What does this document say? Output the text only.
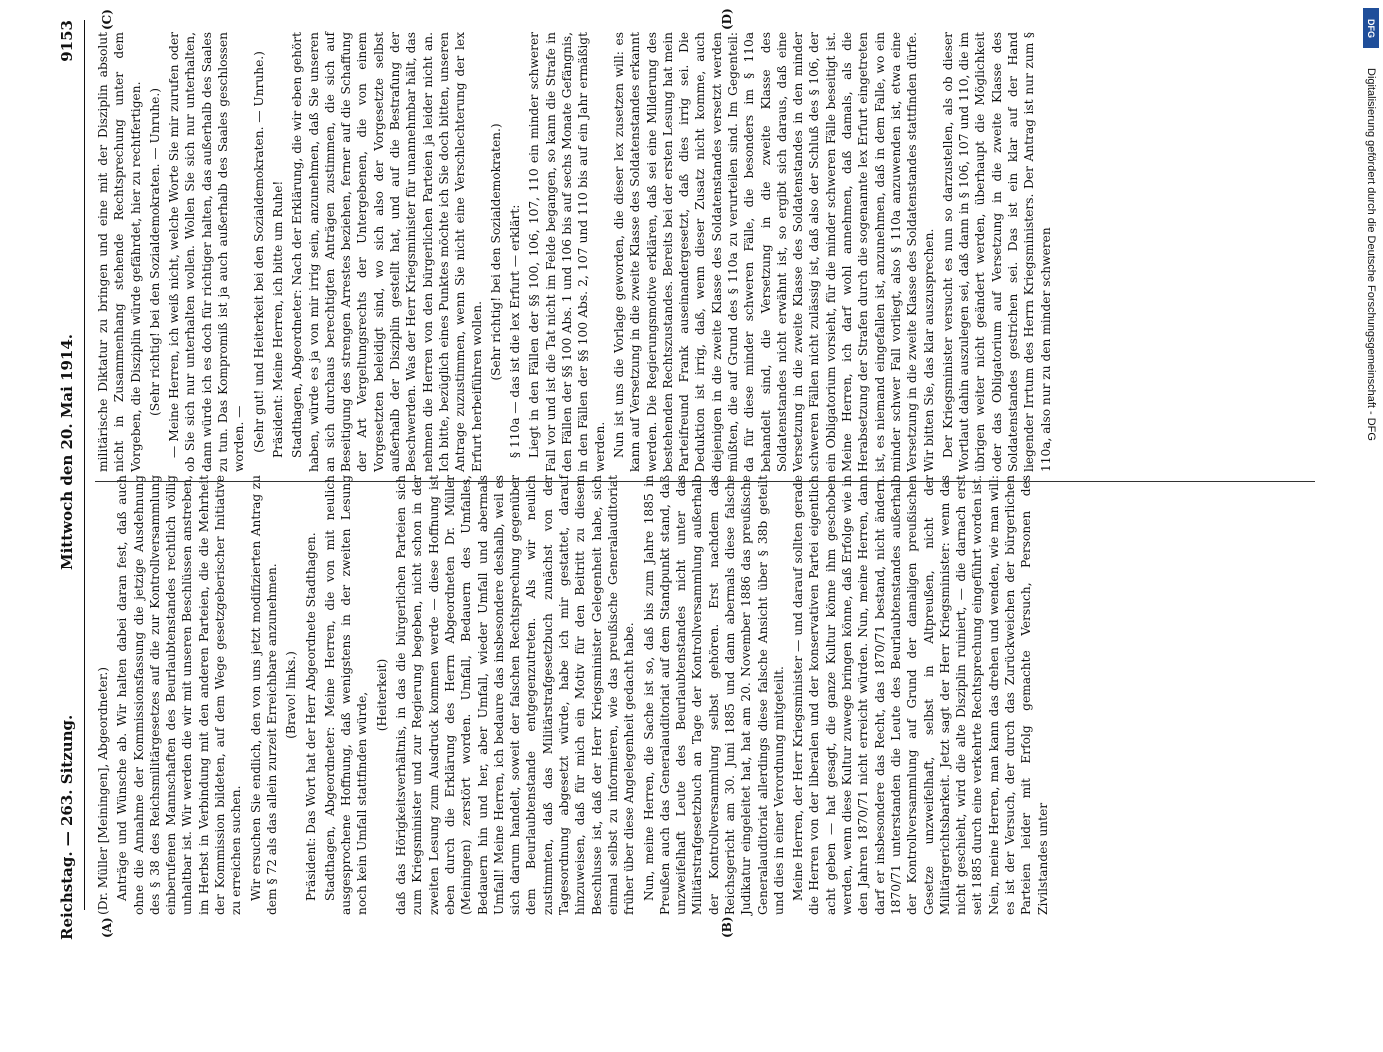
Reichstag. — 263. Sitzung.
Mittwoch den 20. Mai 1914.
9153
(A)	(B)
(C)	(D)

(Dr. Müller [Meiningen], Abgeordneter.) Anträge und Wünsche ab. Wir halten dabei daran fest, daß auch ohne die Annahme der Kommissionsfassung die jetzige Ausdehnung des § 38 des Reichsmilitärgesetzes auf die zur Kontrollversammlung einberufenen Mannschaften des Beurlaubtenstandes rechtlich völlig unhaltbar ist. Wir werden die wir mit unseren Beschlüssen anstreben, im Herbst in Verbindung mit den anderen Parteien, die die Mehrheit der Kommission bildeten, auf dem Wege gesetzgeberischer Initiative zu erreichen suchen. Wir ersuchen Sie endlich, den von uns jetzt modifizierten Antrag zu dem § 72 als das allein zurzeit Erreichbare anzunehmen. (Bravo! links.) Präsident: Das Wort hat der Herr Abgeordnete Stadthagen. Stadthagen, Abgeordneter: Meine Herren, die von mit neulich ausgesprochene Hoffnung, daß wenigstens in der zweiten Lesung noch kein Umfall stattfinden würde, (Heiterkeit) daß das Hörigkeitsverhältnis, in das die bürgerlichen Parteien sich zum Kriegsminister und zur Regierung begeben, nicht schon in der zweiten Lesung zum Ausdruck kommen werde — diese Hoffnung ist eben durch die Erklärung des Herrn Abgeordneten Dr. Müller (Meiningen) zerstört worden. Umfall, Bedauern des Umfalles, Bedauern hin und her, aber Umfall, wieder Umfall und abermals Umfall! Meine Herren, ich bedaure das insbesondere deshalb, weil es sich darum handelt, soweit der falschen Rechtsprechung gegenüber dem Beurlaubtenstande entgegenzutreten. Als wir neulich zustimmten, daß das Militärstrafgesetzbuch zunächst von der Tagesordnung abgesetzt würde, habe ich mir gestattet, darauf hinzuweisen, daß für mich ein Motiv für den Beitritt zu diesem Beschlusse ist, daß der Herr Kriegsminister Gelegenheit habe, sich einmal selbst zu informieren, wie das preußische Generalauditoriat früher über diese Angelegenheit gedacht habe. Nun, meine Herren, die Sache ist so, daß bis zum Jahre 1885 in Preußen auch das Generalauditoriat auf dem Standpunkt stand, daß unzweifelhaft Leute des Beurlaubtenstandes nicht unter das Militärstrafgesetzbuch an Tage der Kontrollversammlung außerhalb der Kontrollversammlung selbst gehören. Erst nachdem das Reichsgericht am 30. Juni 1885 und dann abermals diese falsche Judikatur eingeleitet hat, hat am 20. November 1886 das preußische Generalauditoriat allerdings diese falsche Ansicht über § 38b geteilt und dies in einer Verordnung mitgeteilt. Meine Herren, der Herr Kriegsminister — und darauf sollten gerade die Herren von der liberalen und der konservativen Partei eigentlich acht geben — hat gesagt, die ganze Kultur könne ihm geschoben werden, wenn diese Kultur zuwege bringen könne, daß Erfolge wie in den Jahren 1870/71 nicht erreicht würden. Nun, meine Herren, dann darf er insbesondere das Recht, das 1870/71 bestand, nicht ändern. 1870/71 unterstanden die Leute des Beurlaubtenstandes außerhalb der Kontrollversammlung auf Grund der damaligen preußischen Gesetze unzweifelhaft, selbst in Altpreußen, nicht der Militärgerichtsbarkeit. Jetzt sagt der Herr Kriegsminister: wenn das nicht geschieht, wird die alte Disziplin ruiniert, — die darnach erst seit 1885 durch eine verkehrte Rechtsprechung eingeführt worden ist. Nein, meine Herren, man kann das drehen und wenden, wie man will: es ist der Versuch, der durch das Zurückweichen der bürgerlichen Parteien leider mit Erfolg gemachte Versuch, Personen des Zivilstandes unter

militärische Diktatur zu bringen und eine mit der Disziplin absolut nicht in Zusammenhang stehende Rechtsprechung unter dem Vorgeben, die Disziplin würde gefährdet, hier zu rechtfertigen. (Sehr richtig! bei den Sozialdemokraten. — Unruhe.) — Meine Herren, ich weiß nicht, welche Worte Sie mir zurufen oder ob Sie sich nur unterhalten wollen. Wollen Sie sich nur unterhalten, dann würde ich es doch für richtiger halten, das außerhalb des Saales zu tun. Das Kompromiß ist ja auch außerhalb des Saales geschlossen worden. — (Sehr gut! und Heiterkeit bei den Sozialdemokraten. — Unruhe.) Präsident: Meine Herren, ich bitte um Ruhe! Stadthagen, Abgeordneter: Nach der Erklärung, die wir eben gehört haben, würde es ja von mir irrig sein, anzunehmen, daß Sie unseren an sich durchaus berechtigten Anträgen zustimmen, die sich auf Beseitigung des strengen Arrestes beziehen, ferner auf die Schaffung der Art Vergeltungsrechts der Untergebenen, die von einem Vorgesetzten beleidigt sind, wo sich also der Vorgesetzte selbst außerhalb der Disziplin gestellt hat, und auf die Bestrafung der Beschwerden. Was der Herr Kriegsminister für unannehmbar hält, das nehmen die Herren von den bürgerlichen Parteien ja leider nicht an. Ich bitte, bezüglich eines Punktes möchte ich Sie doch bitten, unseren Antrage zuzustimmen, wenn Sie nicht eine Verschlechterung der lex Erfurt herbeiführen wollen.

(Sehr richtig! bei den Sozialdemokraten.) § 110a — das ist die lex Erfurt — erklärt: Liegt in den Fällen der §§ 100, 106, 107, 110 ein minder schwerer Fall vor und ist die Tat nicht im Felde begangen, so kann die Strafe in den Fällen der §§ 100 Abs. 1 und 106 bis auf sechs Monate Gefängnis, in den Fällen der §§ 100 Abs. 2, 107 und 110 bis auf ein Jahr ermäßigt werden. Nun ist uns die Vorlage geworden, die dieser lex zusetzen will: es kann auf Versetzung in die zweite Klasse des Soldatenstandes erkannt werden. Die Regierungsmotive erklären, daß sei eine Milderung des bestehenden Rechtszustandes. Bereits bei der ersten Lesung hat mein Parteifreund Frank auseinandergesetzt, daß dies irrig sei. Die Deduktion ist irrig, daß, wenn dieser Zusatz nicht komme, auch diejenigen in die zweite Klasse des Soldatenstandes versetzt werden müßten, die auf Grund des § 110a zu verurteilen sind. Im Gegenteil: da für diese minder schweren Fälle, die besonders im § 110a behandelt sind, die Versetzung in die zweite Klasse des Soldatenstandes nicht erwähnt ist, so ergibt sich daraus, daß eine Versetzung in die zweite Klasse des Soldatenstandes in den minder schweren Fällen nicht zulässig ist, daß also der Schluß des § 106, der ein Obligatorium vorsieht, für die minder schweren Fälle beseitigt ist. Meine Herren, ich darf wohl annehmen, daß damals, als die Herabsetzung der Strafen durch die sogenannte lex Erfurt eingetreten ist, es niemand eingefallen ist, anzunehmen, daß in dem Falle, wo ein minder schwer Fall vorliegt, also § 110a anzuwenden ist, etwa eine Versetzung in die zweite Klasse des Soldatenstandes stattfinden dürfe. Wir bitten Sie, das klar auszusprechen. Der Kriegsminister versucht es nun so darzustellen, als ob dieser Wortlaut dahin auszulegen sei, daß dann in § 106, 107 und 110, die im übrigen weiter nicht geändert werden, überhaupt die Möglichkeit oder das Obligatorium auf Versetzung in die zweite Klasse des Soldatenstandes gestrichen sei. Das ist ein klar auf der Hand liegender Irrtum des Herrn Kriegsministers. Der Antrag ist nur zum § 110a, also nur zu den minder schweren

DFG
Digitalisierung gefördert durch die Deutsche Forschungsgemeinschaft - DFG
